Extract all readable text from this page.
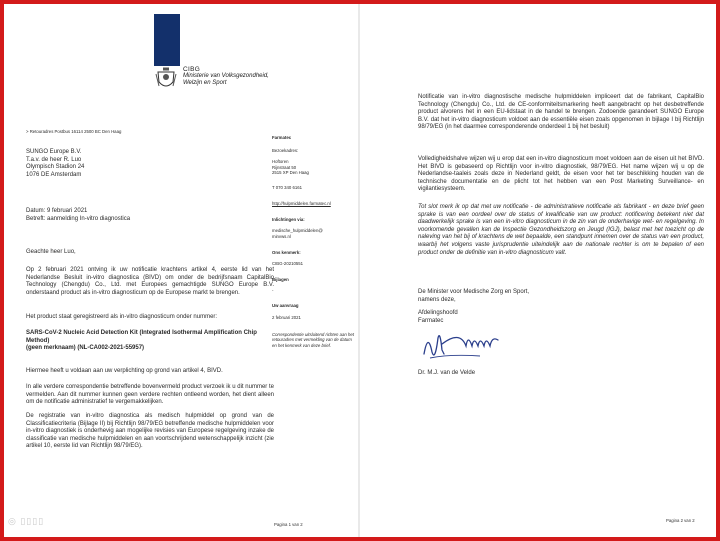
CIBG
Ministerie van Volksgezondheid,
Welzijn en Sport
> Retouradres Postbus 16114 2500 BC Den Haag
SUNGO Europe B.V.
T.a.v. de heer R. Luo
Olympisch Stadion 24
1076 DE Amsterdam

Farmatec

Bezoekadres:

Hoftoren
Rijnstraat 50
2515 XP Den Haag

T 070 340 6161

http://hulpmiddelen.farmatec.nl

Inlichtingen via:

medische_hulpmiddelen@
minvws.nl

Ons kenmerk:

CIBG-20210551

Bijlagen

-

Uw aanvraag

2 februari 2021

Correspondentie uitsluitend richten aan het retouradres met vermelding van de datum en het kenmerk van deze brief.

Datum: 9 februari 2021
Betreft: aanmelding In-vitro diagnostica
Geachte heer Luo,
Op 2 februari 2021 ontving ik uw notificatie krachtens artikel 4, eerste lid van het Nederlandse Besluit in-vitro diagnostica (BIVD) om onder de bedrijfsnaam CapitalBio Technology (Chengdu) Co., Ltd. met Europees gemachtigde SUNGO Europe B.V. onderstaand product als in-vitro diagnosticum op de Europese markt te brengen.
Het product staat geregistreerd als in-vitro diagnosticum onder nummer:
SARS-CoV-2 Nucleic Acid Detection Kit (Integrated Isothermal Amplification Chip Method)
(geen merknaam) (NL-CA002-2021-55957)
Hiermee heeft u voldaan aan uw verplichting op grond van artikel 4, BIVD.
In alle verdere correspondentie betreffende bovenvermeld product verzoek ik u dit nummer te vermelden. Aan dit nummer kunnen geen verdere rechten ontleend worden, het dient alleen om de notificatie administratief te vergemakkelijken.
De registratie van in-vitro diagnostica als medisch hulpmiddel op grond van de Classificatiecriteria (Bijlage II) bij Richtlijn 98/79/EG betreffende medische hulpmiddelen voor in-vitro diagnostiek is onderhevig aan mogelijke revisies van Europese regelgeving inzake de classificatie van medische hulpmiddelen en aan voortschrijdend wetenschappelijk inzicht (zie artikel 10, eerste lid van Richtlijn 98/79/EG).
Pagina 1 van 2
Notificatie van in-vitro diagnostische medische hulpmiddelen impliceert dat de fabrikant, CapitalBio Technology (Chengdu) Co., Ltd. de CE-conformiteitsmarkering heeft aangebracht op het desbetreffende product alvorens het in een EU-lidstaat in de handel te brengen. Zodoende garandeert SUNGO Europe B.V. dat het in-vitro diagnosticum voldoet aan de essentiële eisen zoals opgenomen in bijlage I bij Richtlijn 98/79/EG (in het daarmee corresponderende onderdeel 1 bij het besluit)
Volledigheidshalve wijzen wij u erop dat een in-vitro diagnosticum moet voldoen aan de eisen uit het BIVD. Het BIVD is gebaseerd op Richtlijn voor in-vitro diagnostiek, 98/79/EG. Het name wijzen wij u op de Nederlandse-taaleis zoals deze in Nederland geldt, de eisen voor het ter beschikking houden van de technische documentatie en de plicht tot het hebben van een Post Marketing Surveillance- en vigilantiesysteem.
Tot slot merk ik op dat met uw notificatie - de administratieve notificatie als fabrikant - en deze brief geen sprake is van een oordeel over de status of kwalificatie van uw product: notificering betekent niet dat daadwerkelijk sprake is van een in-vitro diagnosticum in de zin van de onderhavige wet- en regelgeving. In voorkomende gevallen kan de Inspectie Gezondheidszorg en Jeugd (IGJ), belast met het toezicht op de naleving van het bij of krachtens de wet bepaalde, een standpunt innemen over de status van een product, waarbij het volgens vaste jurisprudentie uiteindelijk aan de nationale rechter is om te bepalen of een product onder de definitie van in-vitro diagnosticum valt.
De Minister voor Medische Zorg en Sport,
namens deze,
Afdelingshoofd
Farmatec
Dr. M.J. van de Velde
Pagina 2 van 2
◎ ▯▯▯▯
